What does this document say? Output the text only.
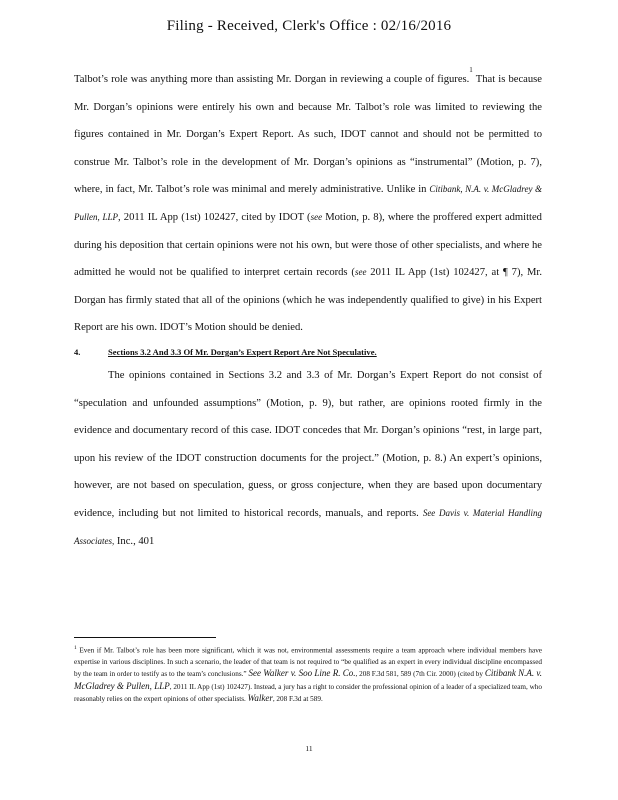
Filing - Received, Clerk's Office : 02/16/2016

Talbot’s role was anything more than assisting Mr. Dorgan in reviewing a couple of figures.$^1$ That is because Mr. Dorgan’s opinions were entirely his own and because Mr. Talbot’s role was limited to reviewing the figures contained in Mr. Dorgan’s Expert Report. As such, IDOT cannot and should not be permitted to construe Mr. Talbot’s role in the development of Mr. Dorgan’s opinions as “instrumental” (Motion, p. 7), where, in fact, Mr. Talbot’s role was minimal and merely administrative. Unlike in Citibank, N.A. v. McGladrey & Pullen, LLP, 2011 IL App (1st) 102427, cited by IDOT (see Motion, p. 8), where the proffered expert admitted during his deposition that certain opinions were not his own, but were those of other specialists, and where he admitted he would not be qualified to interpret certain records (see 2011 IL App (1st) 102427, at ¶ 7), Mr. Dorgan has firmly stated that all of the opinions (which he was independently qualified to give) in his Expert Report are his own. IDOT’s Motion should be denied.

4.	Sections 3.2 And 3.3 Of Mr. Dorgan’s Expert Report Are Not Speculative.

The opinions contained in Sections 3.2 and 3.3 of Mr. Dorgan’s Expert Report do not consist of “speculation and unfounded assumptions” (Motion, p. 9), but rather, are opinions rooted firmly in the evidence and documentary record of this case. IDOT concedes that Mr. Dorgan’s opinions “rest, in large part, upon his review of the IDOT construction documents for the project.” (Motion, p. 8.) An expert’s opinions, however, are not based on speculation, guess, or gross conjecture, when they are based upon documentary evidence, including but not limited to historical records, manuals, and reports. See Davis v. Material Handling Associates, Inc., 401

$^1$ Even if Mr. Talbot’s role has been more significant, which it was not, environmental assessments require a team approach where individual members have expertise in various disciplines. In such a scenario, the leader of that team is not required to “be qualified as an expert in every individual discipline encompassed by the team in order to testify as to the team’s conclusions.” See Walker v. Soo Line R. Co., 208 F.3d 581, 589 (7th Cir. 2000) (cited by Citibank N.A. v. McGladrey & Pullen, LLP, 2011 IL App (1st) 102427). Instead, a jury has a right to consider the professional opinion of a leader of a specialized team, who reasonably relies on the expert opinions of other specialists. Walker, 208 F.3d at 589.

11
